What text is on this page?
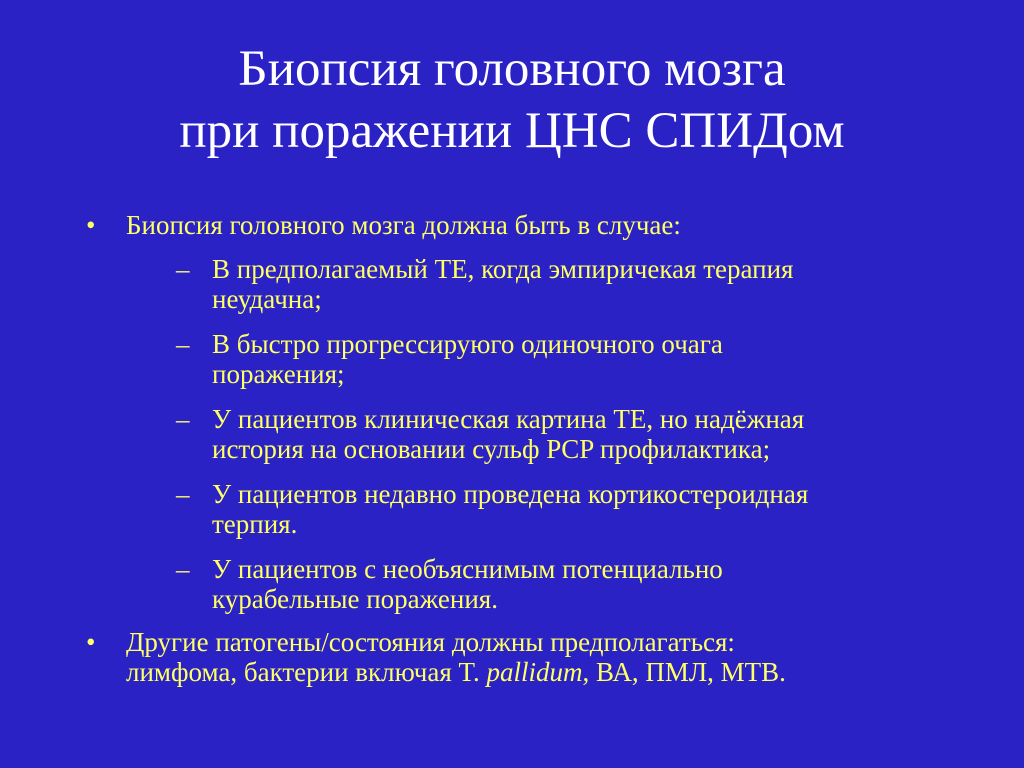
Биопсия головного мозга
при поражении ЦНС СПИДом
• Биопсия головного мозга должна быть в случае:
– В предполагаемый ТЕ, когда эмпиричекая терапия
неудачна;
– В быстро прогрессируюго одиночного очага
поражения;
– У пациентов клиническая картина ТЕ, но надёжная
история на основании сульф PCP профилактика;
– У пациентов недавно проведена кортикостероидная
терпия.
– У пациентов с необъяснимым потенциально
курабельные поражения.
• Другие патогены/состояния должны предполагаться:
лимфома, бактерии включая T. pallidum, ВА, ПМЛ, МТВ.
